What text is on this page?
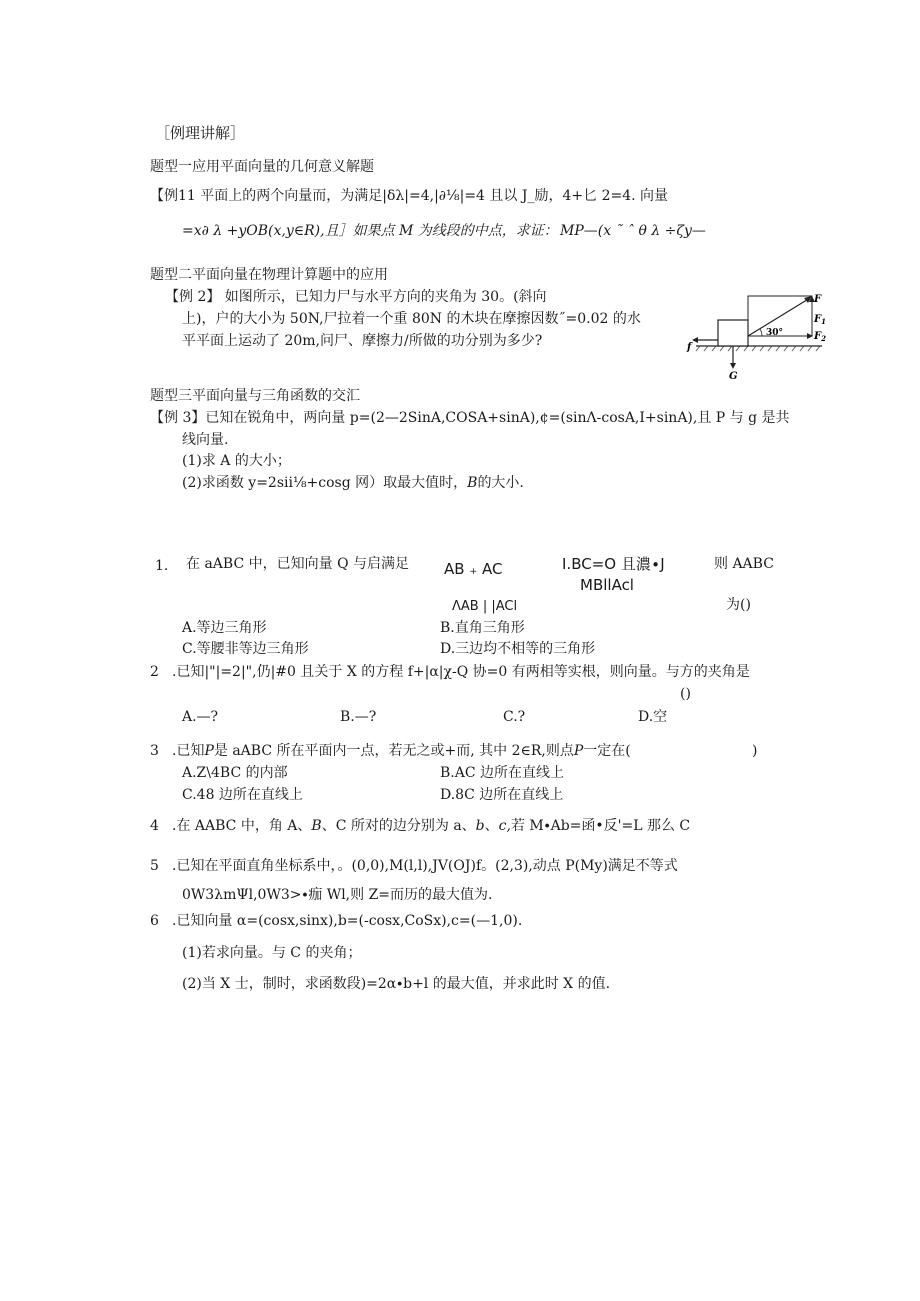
［例理讲解］
题型一应用平面向量的几何意义解题
【例11 平面上的两个向量而，为满足|δλ|=4,|∂⅛|=4 且以 J_励，4+匕 2=4. 向量
=x∂ λ +yOB(x,y∈R),且］如果点 M 为线段的中点，求证： MP—(x ˜ ˆ θ λ ÷ζy—
题型二平面向量在物理计算题中的应用
【例 2】 如图所示，已知力尸与水平方向的夹角为 30。(斜向
上)，户的大小为 50N,尸拉着一个重 80N 的木块在摩擦因数˝=0.02 的水
平平面上运动了 20m,问尸、摩擦力/所做的功分别为多少?
F
$F_1$
$F_2$
30°
f
G
题型三平面向量与三角函数的交汇
【例 3】已知在锐角中，两向量 p=(2—2SinA,COSA+sinA),¢=(sinΛ-cosA,I+sinA),且 P 与 g 是共
线向量.
(1)求 A 的大小；
(2)求函数 y=2sii⅛+cosg 网）取最大值时，B的大小.
1. 在 aABC 中，已知向量 Q 与启满足 AB ₊ AC	I.BC=O 且濃∙J
MBllAcl
则 AABC
ΛAB | |ACl	为()
A.等边三角形	B.直角三角形
C.等腰非等边三角形	D.三边均不相等的三角形
2 .已知|"|=2|",仍|#0 且关于 X 的方程 f+|α|χ-Q 协=0 有两相等实根，则向量。与方的夹角是
()
A.—?	B.—?	C.?	D.空
3 .已知P是 aABC 所在平面内一点，若无之或+而, 其中 2∈R,则点P一定在(	)
A.Z\4BC 的内部	B.AC 边所在直线上
C.48 边所在直线上	D.8C 边所在直线上
4 .在 AABC 中，角 A、B、C 所对的边分别为 a、b、c,若 M∙Ab=函•反'=L 那么 C
5 .已知在平面直角坐标系中，。(0,0),M(l,l),JV(OJ)f。(2,3),动点 P(My)满足不等式
0W3λmΨl,0W3>∙痂 Wl,则 Z=而历的最大值为.
6 .已知向量 α=(cosx,sinx),b=(-cosx,CoSx),c=(—1,0).
(1)若求向量。与 C 的夹角；
(2)当 X 士，制时，求函数段)=2α∙b+l 的最大值，并求此时 X 的值.
